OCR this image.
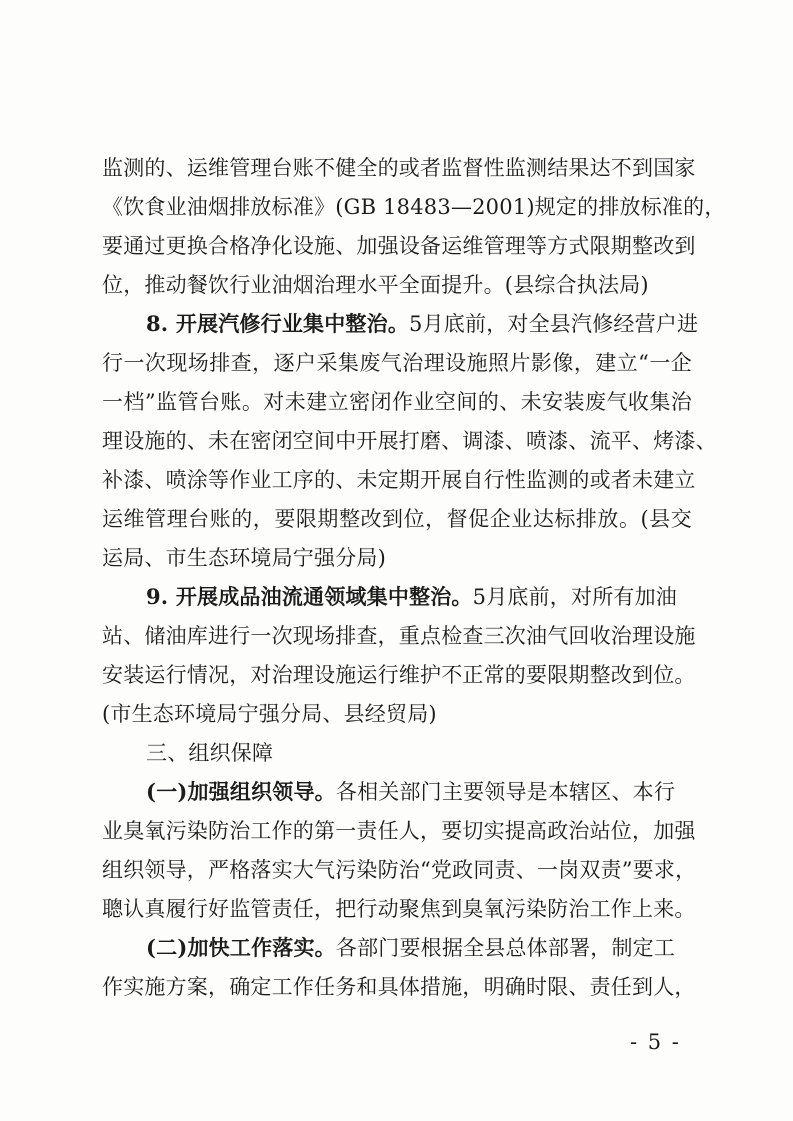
监测的、运维管理台账不健全的或者监督性监测结果达不到国家
《饮食业油烟排放标准》(GB 18483—2001)规定的排放标准的，
要通过更换合格净化设施、加强设备运维管理等方式限期整改到
位，推动餐饮行业油烟治理水平全面提升。(县综合执法局)
8. 开展汽修行业集中整治。5月底前，对全县汽修经营户进
行一次现场排查，逐户采集废气治理设施照片影像，建立“一企
一档”监管台账。对未建立密闭作业空间的、未安装废气收集治
理设施的、未在密闭空间中开展打磨、调漆、喷漆、流平、烤漆、
补漆、喷涂等作业工序的、未定期开展自行性监测的或者未建立
运维管理台账的，要限期整改到位，督促企业达标排放。(县交
运局、市生态环境局宁强分局)
9. 开展成品油流通领域集中整治。5月底前，对所有加油
站、储油库进行一次现场排查，重点检查三次油气回收治理设施
安装运行情况，对治理设施运行维护不正常的要限期整改到位。
(市生态环境局宁强分局、县经贸局)
三、组织保障
(一)加强组织领导。各相关部门主要领导是本辖区、本行
业臭氧污染防治工作的第一责任人，要切实提高政治站位，加强
组织领导，严格落实大气污染防治“党政同责、一岗双责”要求，
聰认真履行好监管责任，把行动聚焦到臭氧污染防治工作上来。
(二)加快工作落实。各部门要根据全县总体部署，制定工
作实施方案，确定工作任务和具体措施，明确时限、责任到人，
- 5 -
